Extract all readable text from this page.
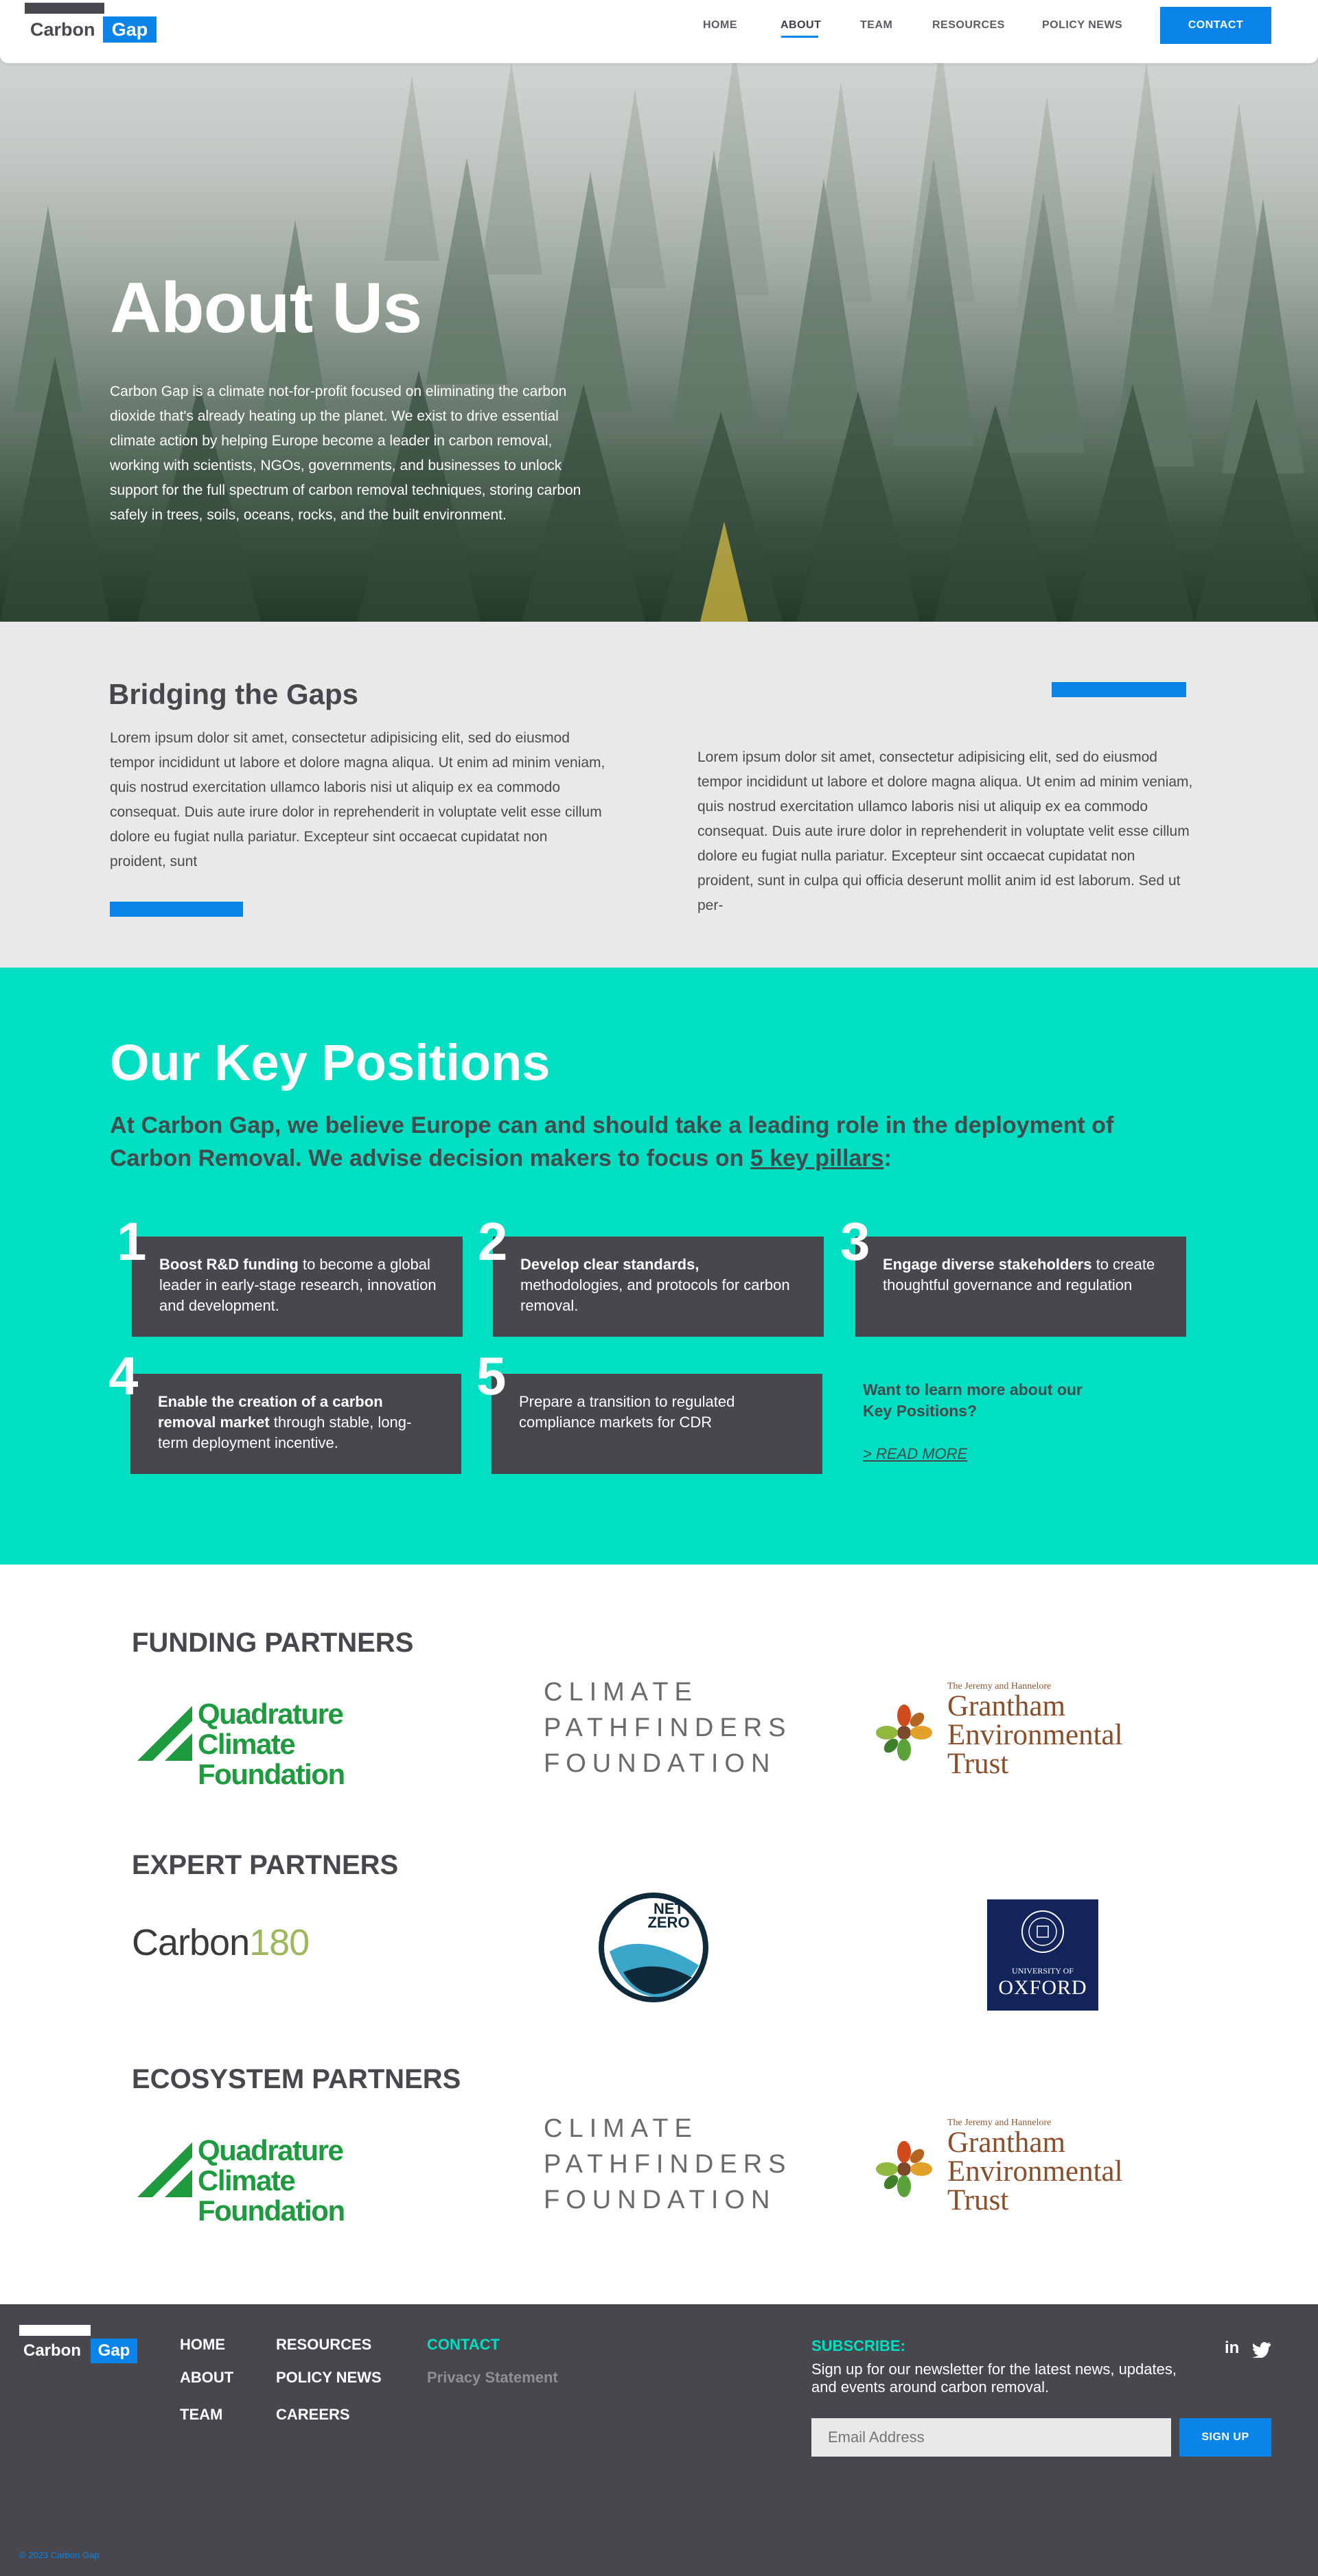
About Us

Carbon Gap is a climate not-for-profit focused on eliminating the carbon dioxide that's already heating up the planet. We exist to drive essential climate action by helping Europe become a leader in carbon removal, working with scientists, NGOs, governments, and businesses to unlock support for the full spectrum of carbon removal techniques, storing carbon safely in trees, soils, oceans, rocks, and the built environment.

Carbon Gap	HOME	ABOUT	TEAM	RESOURCES	POLICY NEWS	CONTACT
Bridging the Gaps

Lorem ipsum dolor sit amet, consectetur adipisicing elit, sed do eiusmod tempor incididunt ut labore et dolore magna aliqua. Ut enim ad minim veniam, quis nostrud exercitation ullamco laboris nisi ut aliquip ex ea commodo consequat. Duis aute irure dolor in reprehenderit in voluptate velit esse cillum dolore eu fugiat nulla pariatur. Excepteur sint occaecat cupidatat non proident, sunt

Lorem ipsum dolor sit amet, consectetur adipisicing elit, sed do eiusmod tempor incididunt ut labore et dolore magna aliqua. Ut enim ad minim veniam, quis nostrud exercitation ullamco laboris nisi ut aliquip ex ea commodo consequat. Duis aute irure dolor in reprehenderit in voluptate velit esse cillum dolore eu fugiat nulla pariatur. Excepteur sint occaecat cupidatat non proident, sunt in culpa qui officia deserunt mollit anim id est laborum. Sed ut per-

Our Key Positions

At Carbon Gap, we believe Europe can and should take a leading role in the deployment of Carbon Removal. We advise decision makers to focus on 5 key pillars:

Boost R&D funding to become a global leader in early-stage research, innovation and development.
1	Develop clear standards, methodologies, and protocols for carbon removal.
2	Engage diverse stakeholders to create thoughtful governance and regulation
3
Enable the creation of a carbon removal market through stable, long-term deployment incentive.
4	Prepare a transition to regulated compliance markets for CDR
5	Want to learn more about our Key Positions?

> READ MORE
FUNDING PARTNERS
EXPERT PARTNERS
ECOSYSTEM PARTNERS
Quadrature
Climate Foundation
CLIMATE
PATHFINDERS
FOUNDATION
The Jeremy and Hannelore
Grantham
Environmental
Trust
Carbon180
NET
ZERO
UNIVERSITY OF
OXFORD
Quadrature
Climate Foundation
CLIMATE
PATHFINDERS
FOUNDATION
The Jeremy and Hannelore
Grantham
Environmental
Trust
Carbon	Gap	HOME
ABOUT
TEAM
RESOURCES
POLICY NEWS
CAREERS
CONTACT
Privacy Statement
SUBSCRIBE:

Sign up for our newsletter for the latest news, updates, and events around carbon removal.

Email Address
SIGN UP
in
© 2023 Carbon Gap
